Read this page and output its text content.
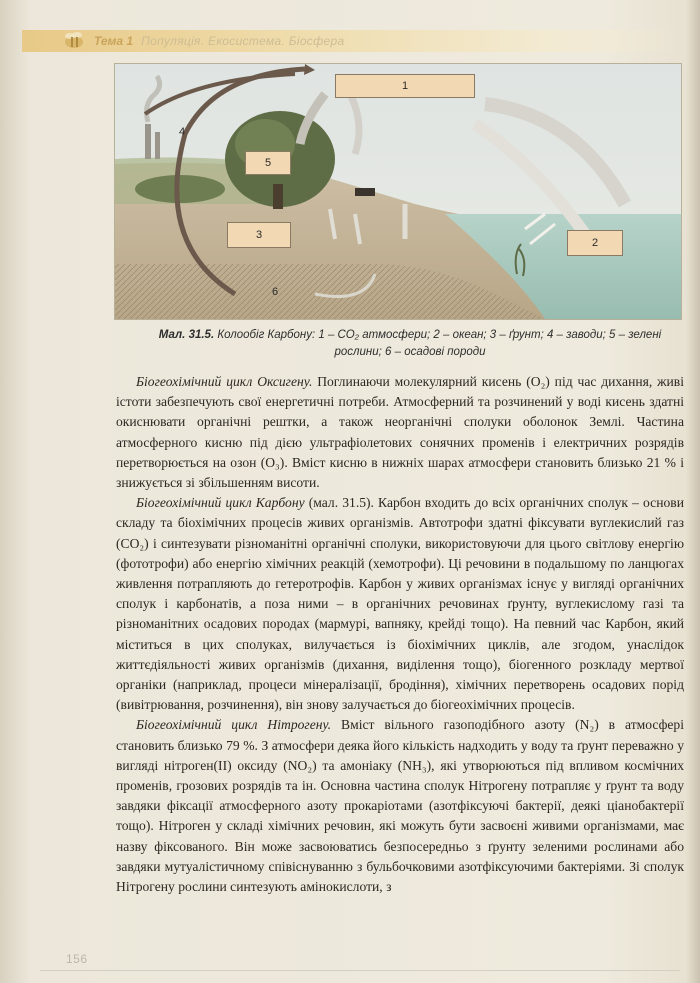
Тема 1 Популяція. Екосистема. Біосфера
1
2
3
4
5
6
Мал. 31.5. Колообіг Карбону: 1 – СО₂ атмосфери; 2 – океан; 3 – ґрунт; 4 – заводи; 5 – зелені рослини; 6 – осадові породи

Біогеохімічний цикл Оксигену. Поглинаючи молекулярний кисень (О₂) під час дихання, живі істоти забезпечують свої енергетичні потреби. Атмосферний та розчинений у воді кисень здатні окиснювати органічні рештки, а також неорганічні сполуки оболонок Землі. Частина атмосферного кисню під дією ультрафіолетових сонячних променів і електричних розрядів перетворюється на озон (О₃). Вміст кисню в нижніх шарах атмосфери становить близько 21 % і знижується зі збільшенням висоти.

Біогеохімічний цикл Карбону (мал. 31.5). Карбон входить до всіх органічних сполук – основи складу та біохімічних процесів живих організмів. Автотрофи здатні фіксувати вуглекислий газ (СО₂) і синтезувати різноманітні органічні сполуки, використовуючи для цього світлову енергію (фототрофи) або енергію хімічних реакцій (хемотрофи). Ці речовини в подальшому по ланцюгах живлення потрапляють до гетеротрофів. Карбон у живих організмах існує у вигляді органічних сполук і карбонатів, а поза ними – в органічних речовинах ґрунту, вуглекислому газі та різноманітних осадових породах (мармурі, вапняку, крейді тощо). На певний час Карбон, який міститься в цих сполуках, вилучається із біохімічних циклів, але згодом, унаслідок життєдіяльності живих організмів (дихання, виділення тощо), біогенного розкладу мертвої органіки (наприклад, процеси мінералізації, бродіння), хімічних перетворень осадових порід (вивітрювання, розчинення), він знову залучається до біогеохімічних процесів.

Біогеохімічний цикл Нітрогену. Вміст вільного газоподібного азоту (N₂) в атмосфері становить близько 79 %. З атмосфери деяка його кількість надходить у воду та ґрунт переважно у вигляді нітроген(ІІ) оксиду (NО₂) та амоніаку (NН₃), які утворюються під впливом космічних променів, грозових розрядів та ін. Основна частина сполук Нітрогену потрапляє у ґрунт та воду завдяки фіксації атмосферного азоту прокаріотами (азотфіксуючі бактерії, деякі ціанобактерії тощо). Нітроген у складі хімічних речовин, які можуть бути засвоєні живими організмами, має назву фіксованого. Він може засвоюватись безпосередньо з ґрунту зеленими рослинами або завдяки мутуалістичному співіснуванню з бульбочковими азотфіксуючими бактеріями. Зі сполук Нітрогену рослини синтезують амінокислоти, з

156
